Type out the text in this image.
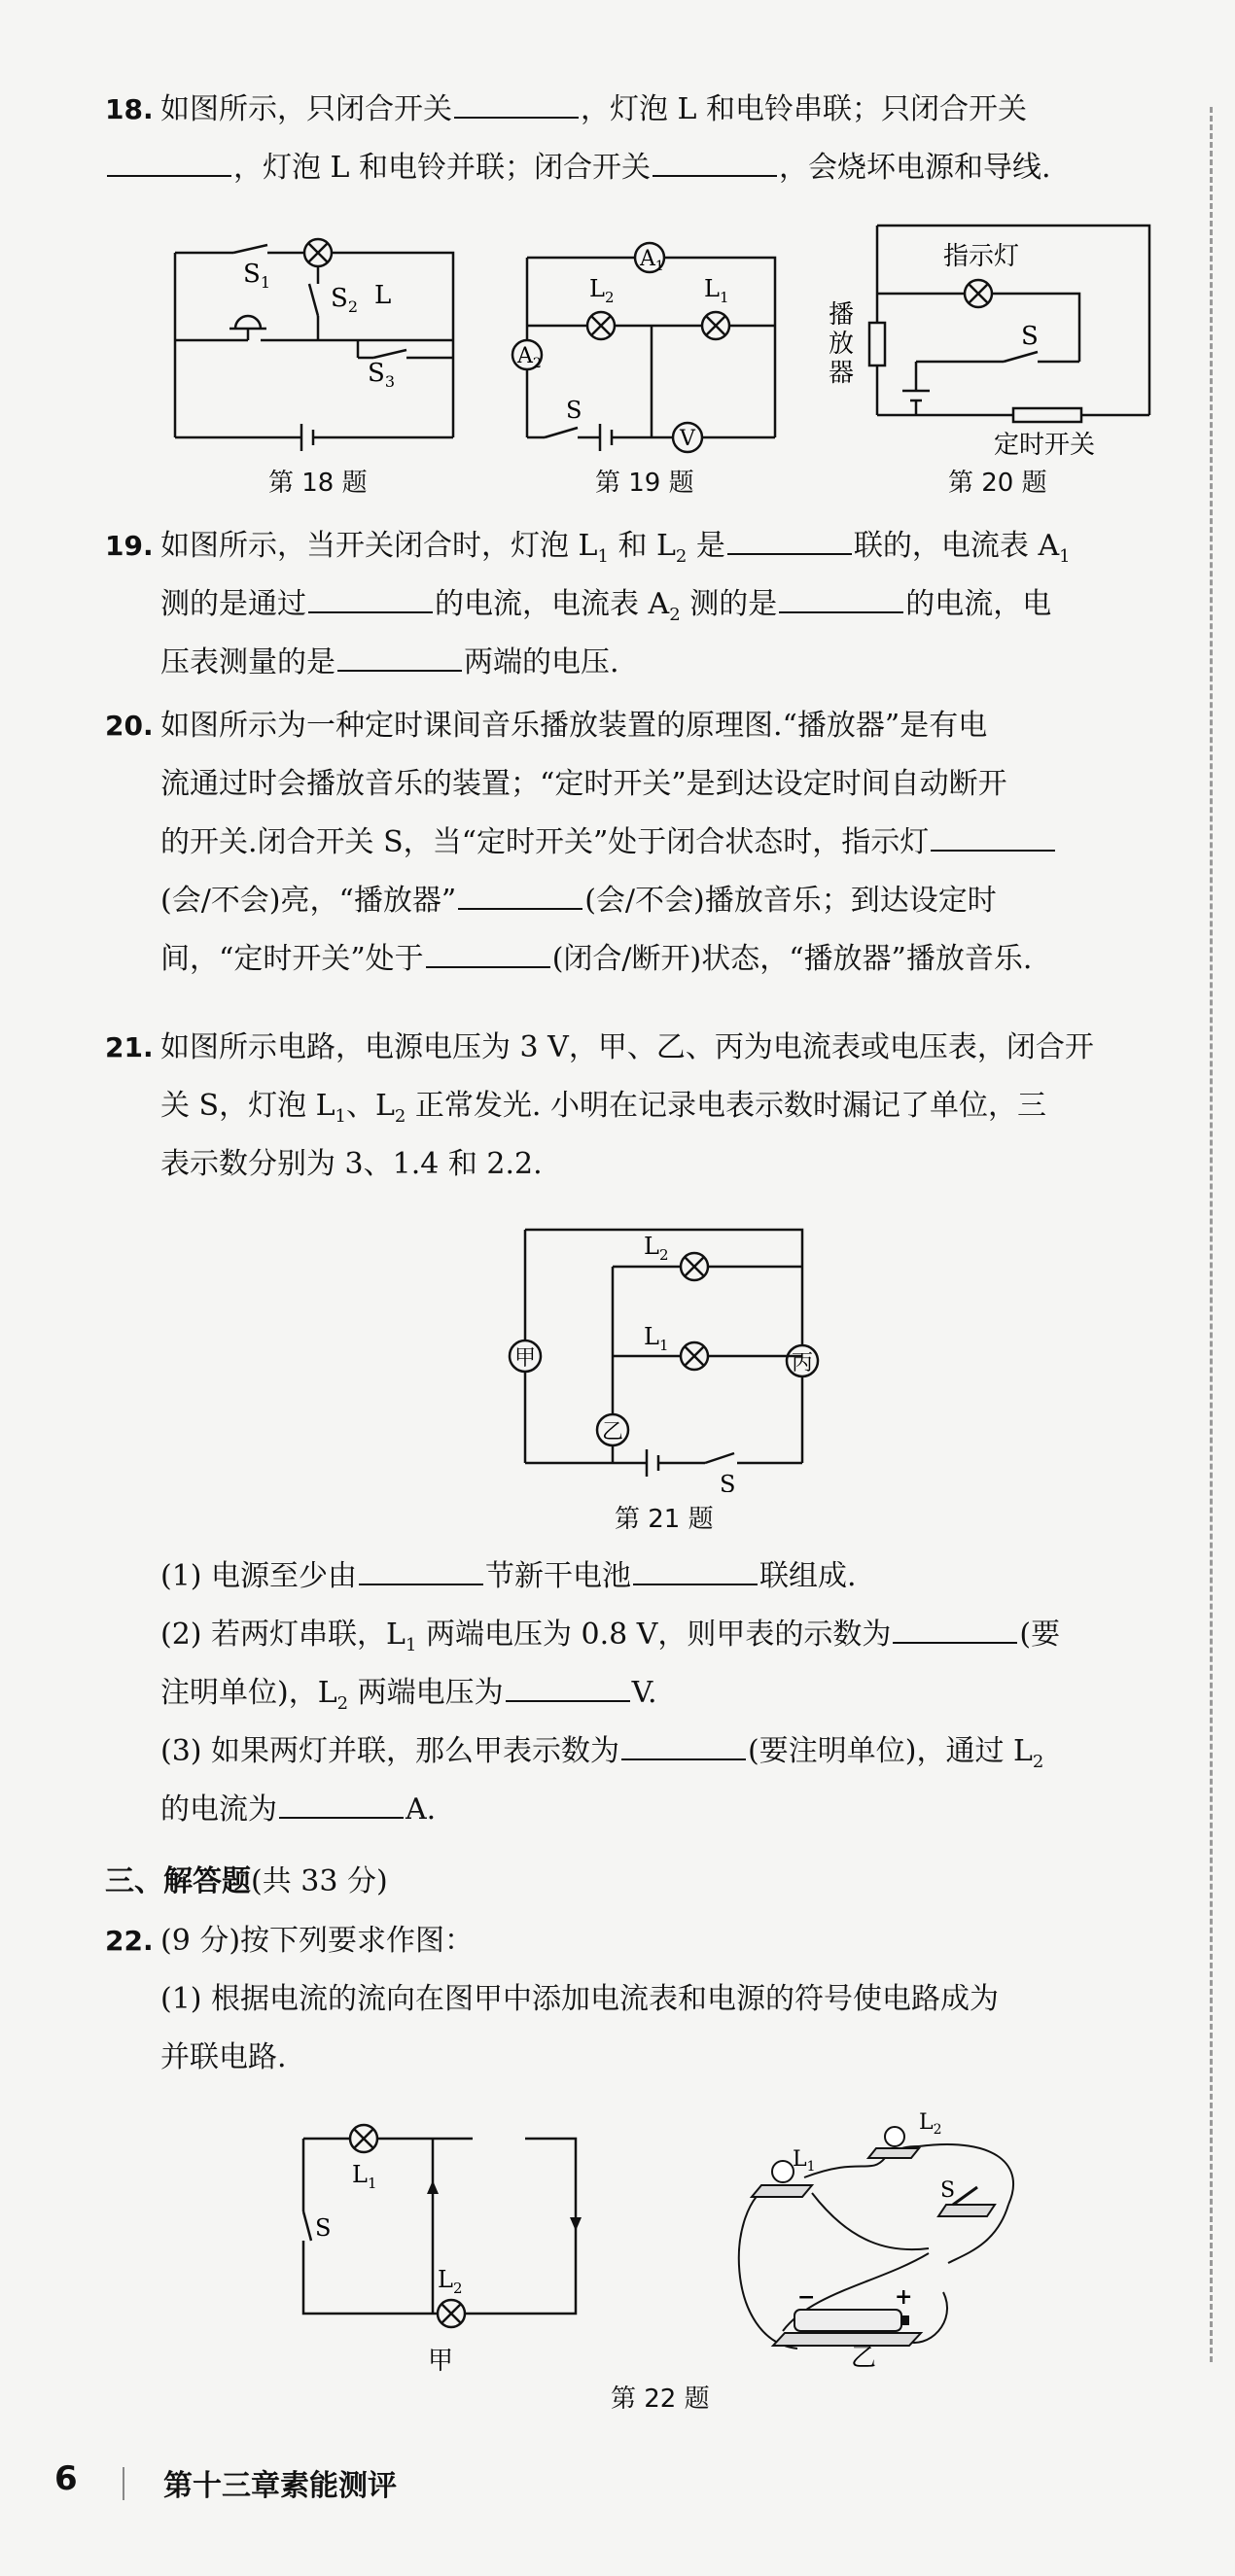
18. 如图所示，只闭合开关	，灯泡 L 和电铃串联；只闭合开关
，灯泡 L 和电铃并联；闭合开关	，会烧坏电源和导线.
$S_1$
$S_2$ L
$S_3$
第 18 题
$A_1$
$A_2$
$L_2$	$L_1$
S
V
第 19 题
指示灯
播
放
器
S
定时开关
第 20 题
19. 如图所示，当开关闭合时，灯泡 $L_1$ 和 $L_2$ 是	联的，电流表 $A_1$
测的是通过	的电流，电流表 $A_2$ 测的是	的电流，电
压表测量的是	两端的电压.
20. 如图所示为一种定时课间音乐播放装置的原理图.“播放器”是有电
流通过时会播放音乐的装置；“定时开关”是到达设定时间自动断开
的开关.闭合开关 S，当“定时开关”处于闭合状态时，指示灯
(会/不会)亮，“播放器”	(会/不会)播放音乐；到达设定时
间，“定时开关”处于	(闭合/断开)状态，“播放器”播放音乐.
21. 如图所示电路，电源电压为 3 V，甲、乙、丙为电流表或电压表，闭合开
关 S，灯泡 $L_1$、$L_2$ 正常发光. 小明在记录电表示数时漏记了单位，三
表示数分别为 3、1.4 和 2.2.
甲
乙
丙
$L_2$
$L_1$
S
第 21 题
(1) 电源至少由	节新干电池	联组成.
(2) 若两灯串联，$L_1$ 两端电压为 0.8 V，则甲表的示数为	(要
注明单位)，$L_2$ 两端电压为	V.
(3) 如果两灯并联，那么甲表示数为	(要注明单位)，通过 $L_2$
的电流为	A.
三、解答题(共 33 分)
22. (9 分)按下列要求作图：
(1) 根据电流的流向在图甲中添加电流表和电源的符号使电路成为
并联电路.
$L_1$
S
$L_2$
甲
$L_2$
$L_1$
S
−	+
乙
第 22 题
6	第十三章素能测评
